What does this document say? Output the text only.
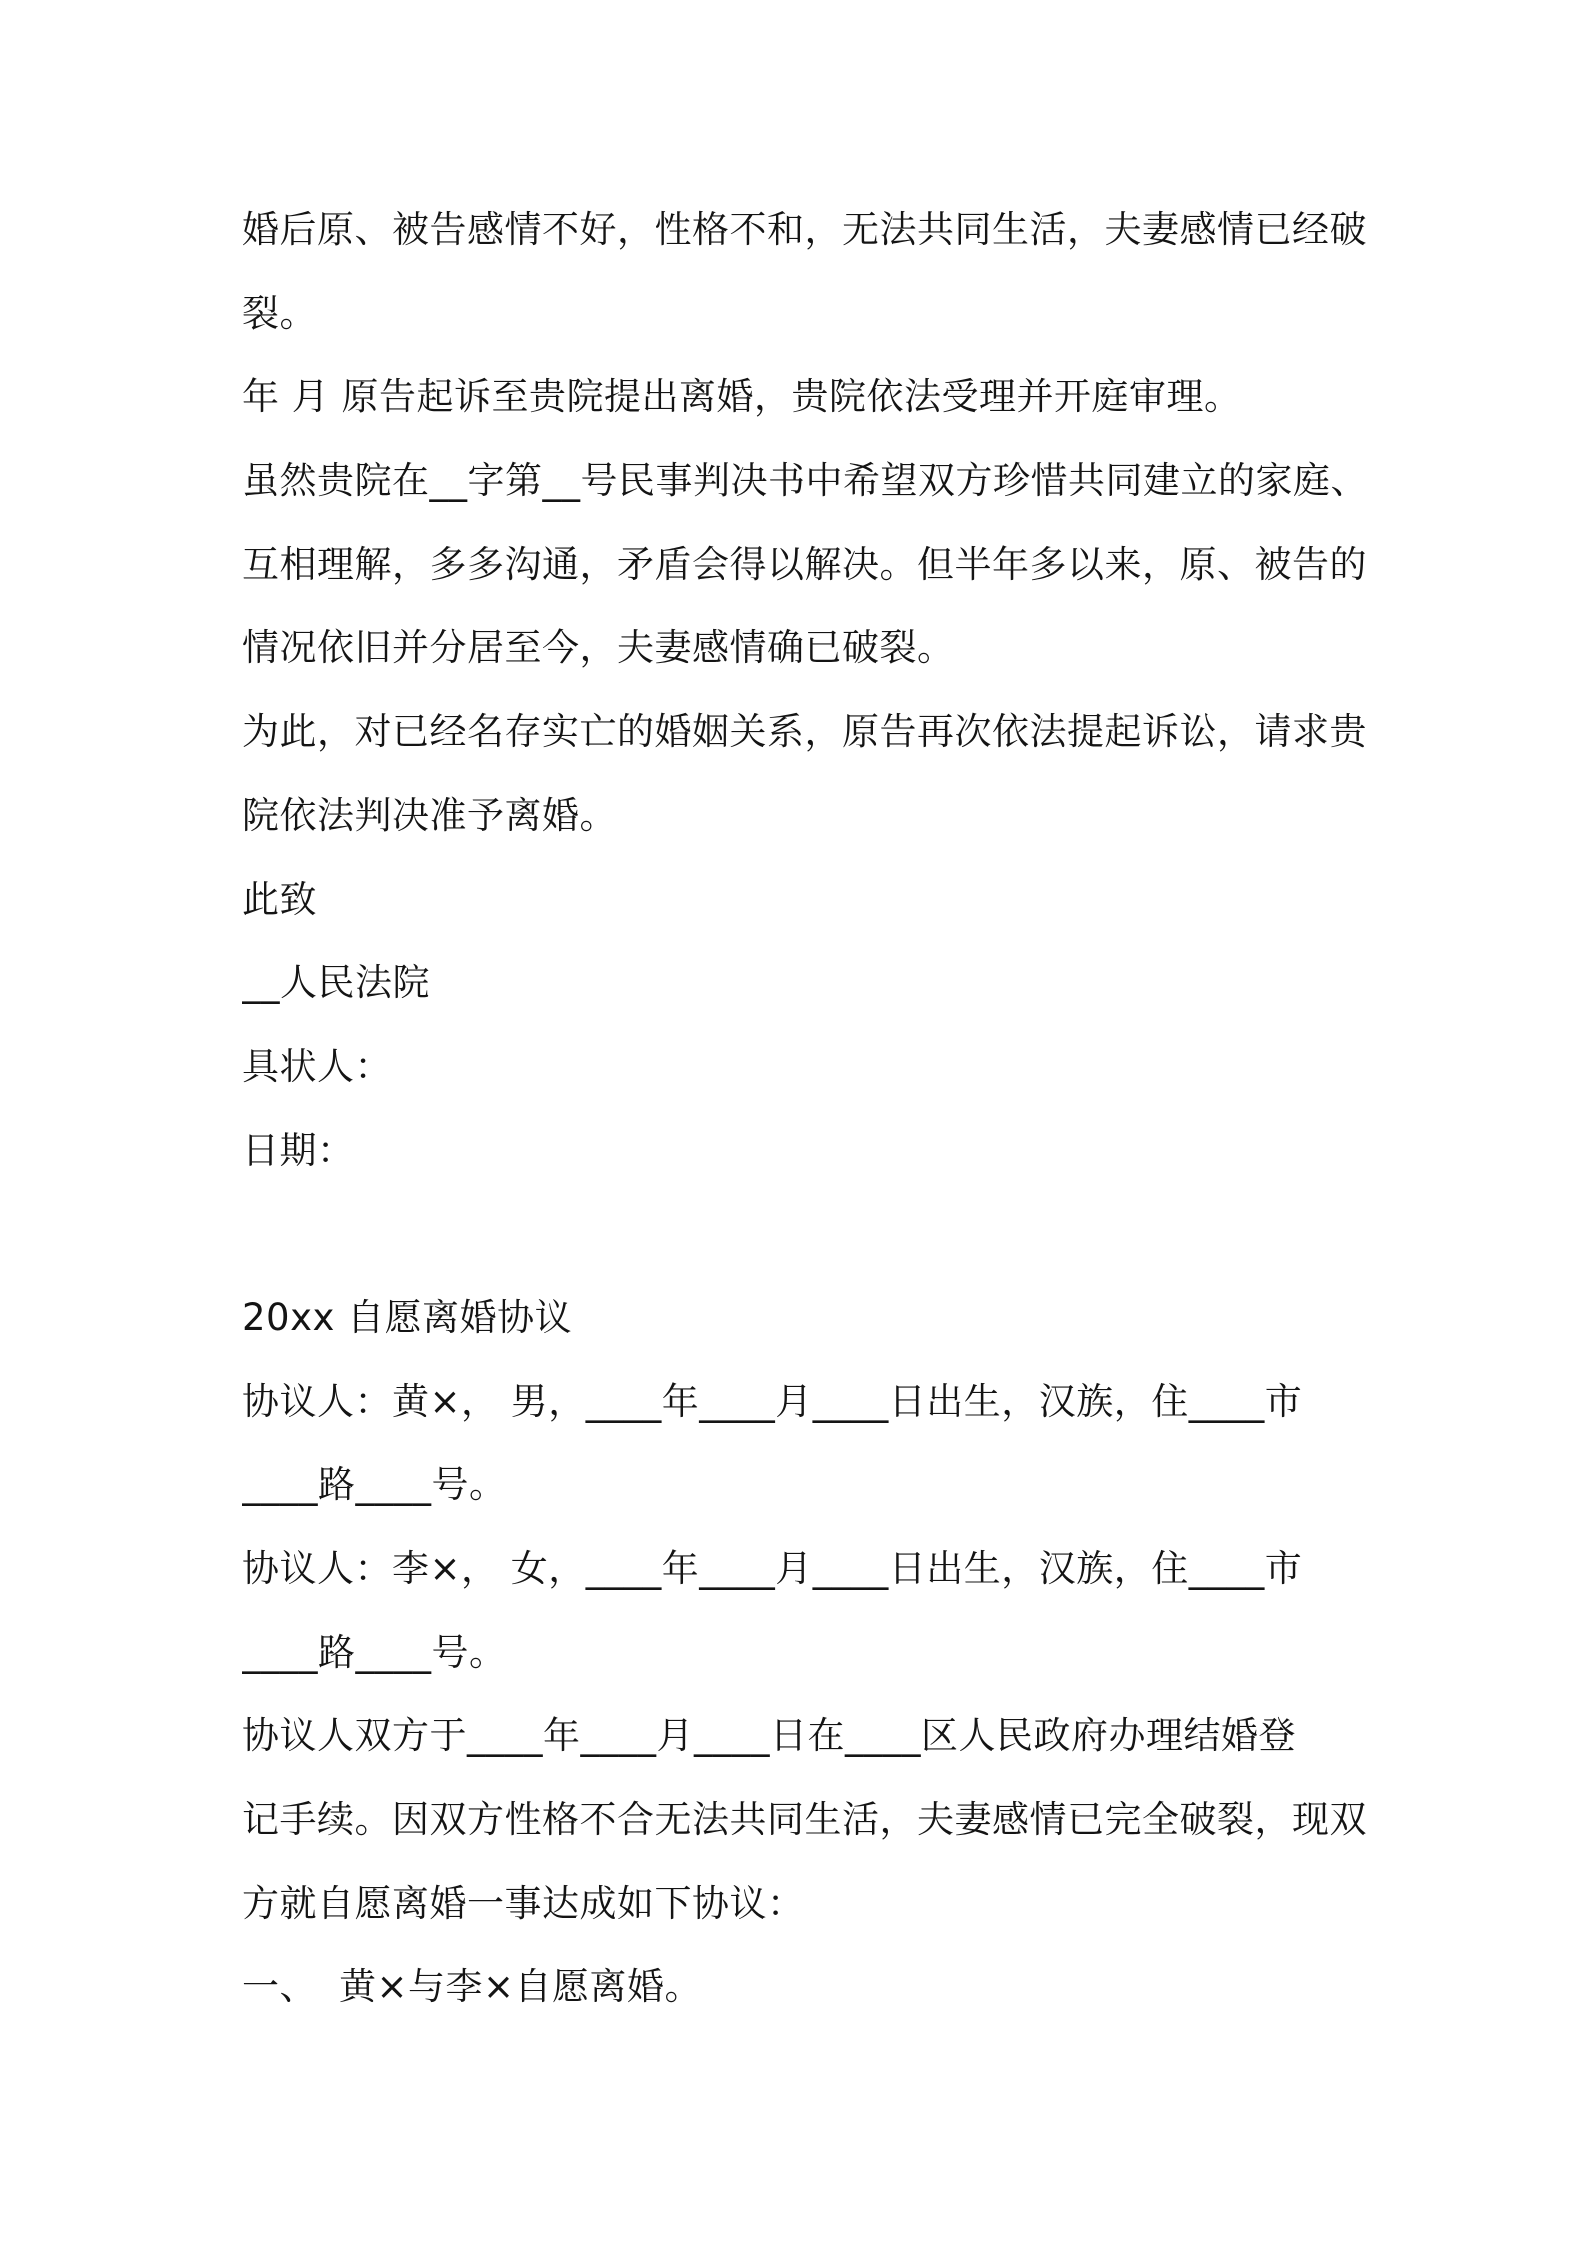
婚后原、被告感情不好，性格不和，无法共同生活，夫妻感情已经破
裂。
年 月 原告起诉至贵院提出离婚，贵院依法受理并开庭审理。
虽然贵院在__字第__号民事判决书中希望双方珍惜共同建立的家庭、
互相理解，多多沟通，矛盾会得以解决。但半年多以来，原、被告的
情况依旧并分居至今，夫妻感情确已破裂。
为此，对已经名存实亡的婚姻关系，原告再次依法提起诉讼，请求贵
院依法判决准予离婚。
此致
__人民法院
具状人：
日期：
20xx 自愿离婚协议
协议人：黄×， 男，____年____月____日出生，汉族，住____市
____路____号。
协议人：李×， 女，____年____月____日出生，汉族，住____市
____路____号。
协议人双方于____年____月____日在____区人民政府办理结婚登
记手续。因双方性格不合无法共同生活，夫妻感情已完全破裂，现双
方就自愿离婚一事达成如下协议：
一、 黄×与李×自愿离婚。
